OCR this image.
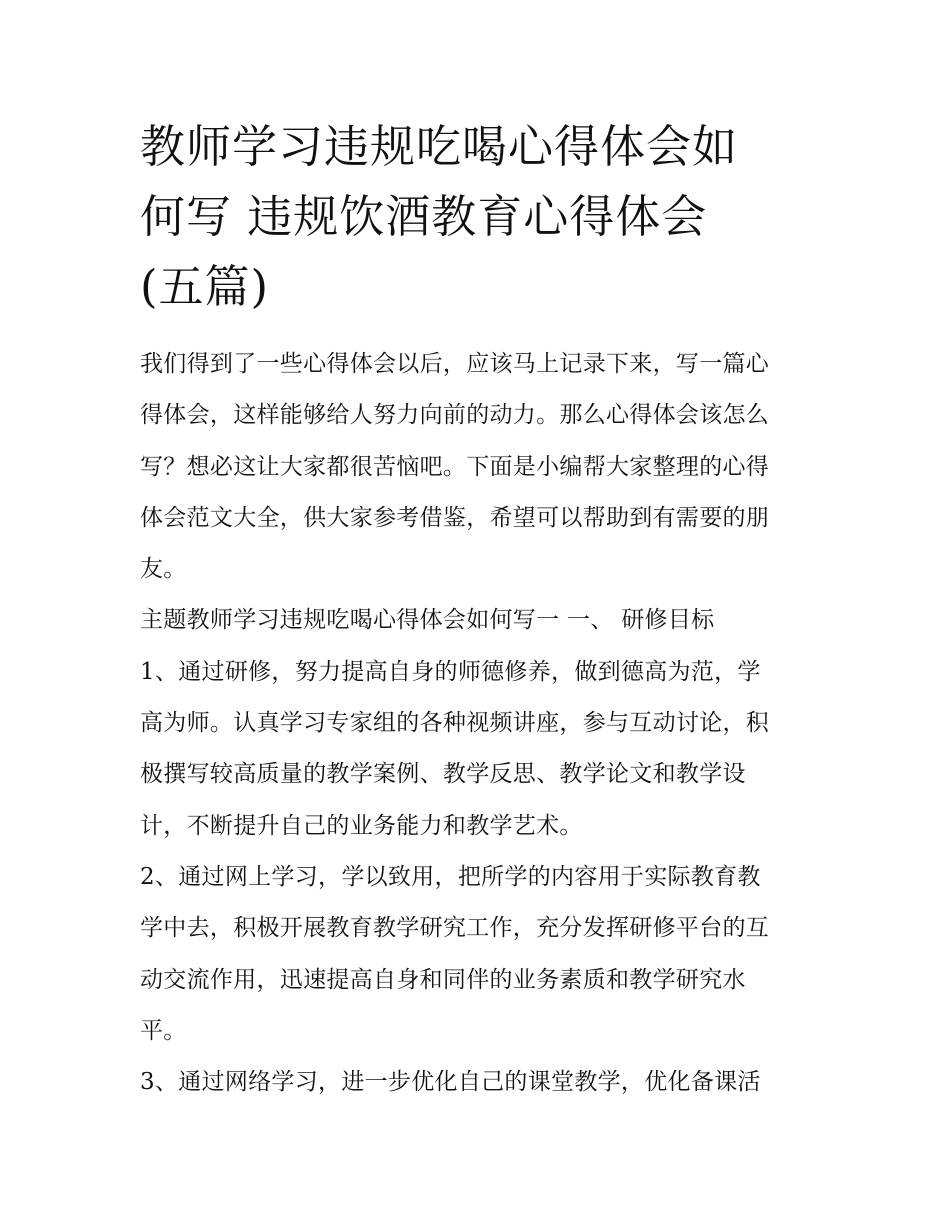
教师学习违规吃喝心得体会如
何写 违规饮酒教育心得体会
(五篇)
我们得到了一些心得体会以后，应该马上记录下来，写一篇心
得体会，这样能够给人努力向前的动力。那么心得体会该怎么
写？想必这让大家都很苦恼吧。下面是小编帮大家整理的心得
体会范文大全，供大家参考借鉴，希望可以帮助到有需要的朋
友。
主题教师学习违规吃喝心得体会如何写一 一、 研修目标
1、通过研修，努力提高自身的师德修养，做到德高为范，学
高为师。认真学习专家组的各种视频讲座，参与互动讨论，积
极撰写较高质量的教学案例、教学反思、教学论文和教学设
计，不断提升自己的业务能力和教学艺术。
2、通过网上学习，学以致用，把所学的内容用于实际教育教
学中去，积极开展教育教学研究工作，充分发挥研修平台的互
动交流作用，迅速提高自身和同伴的业务素质和教学研究水
平。
3、通过网络学习，进一步优化自己的课堂教学，优化备课活
